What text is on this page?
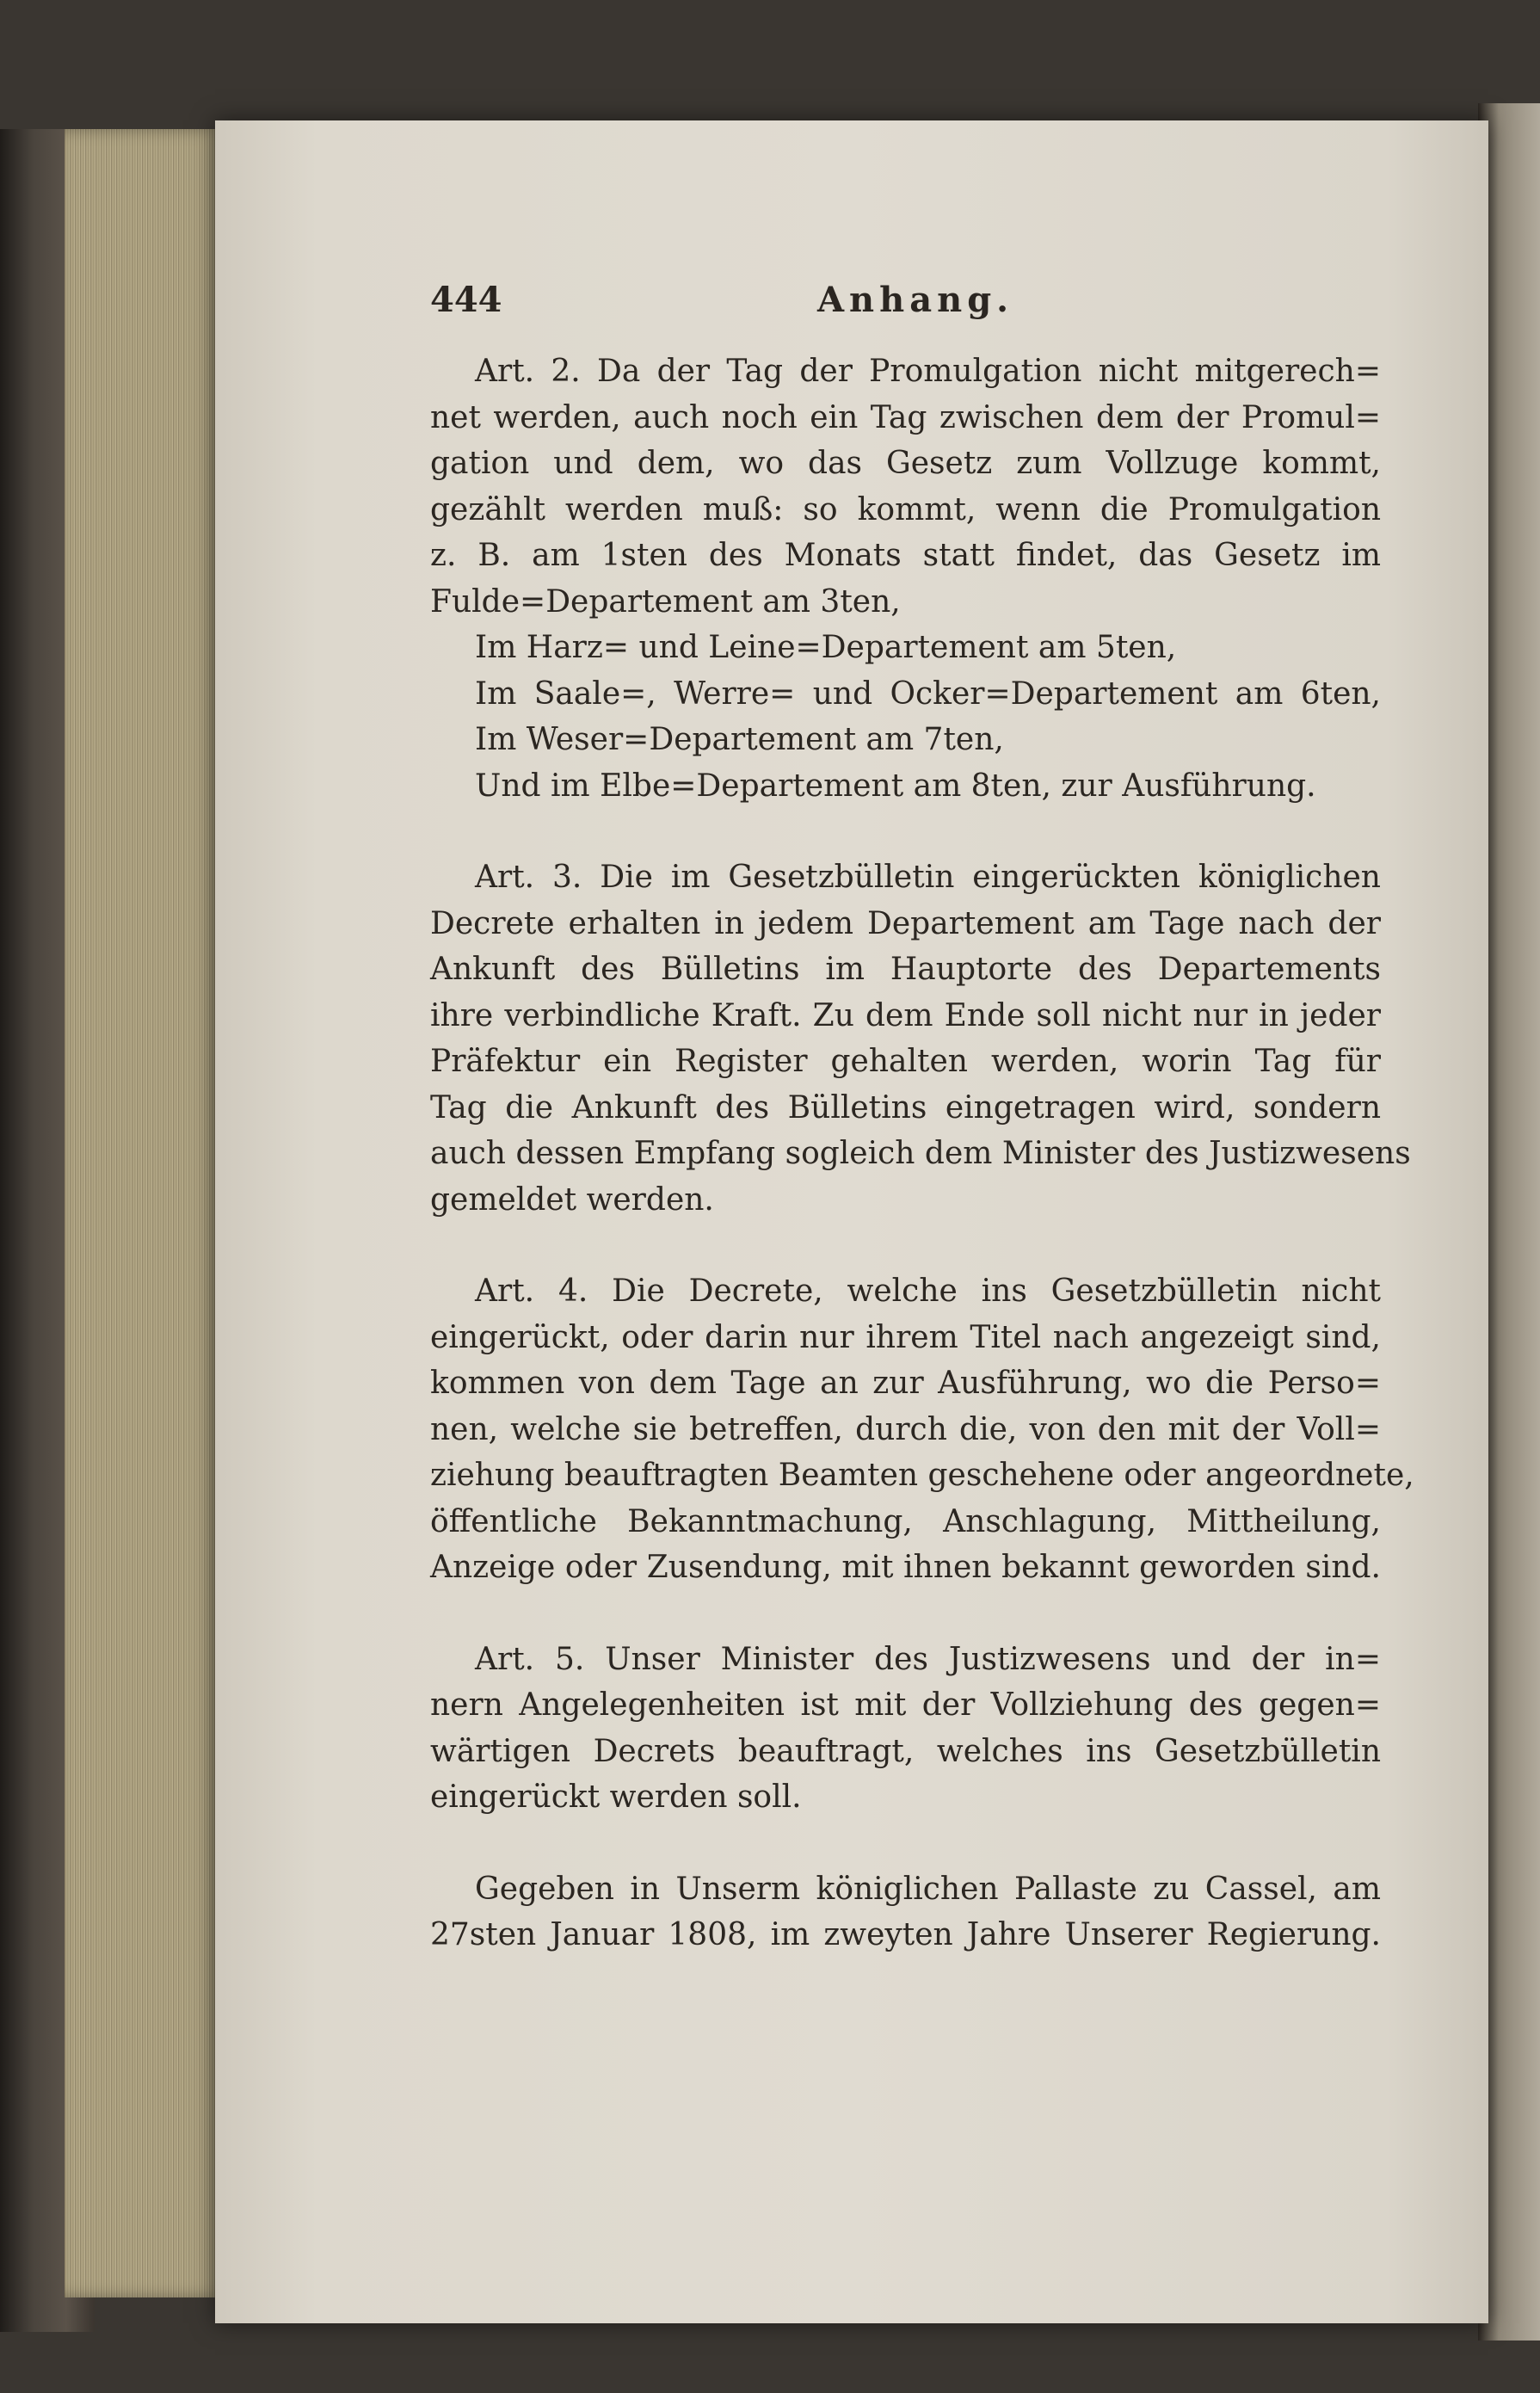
444	Anhang.
Art. 2. Da der Tag der Promulgation nicht mitgerech=
net werden, auch noch ein Tag zwischen dem der Promul=
gation und dem, wo das Gesetz zum Vollzuge kommt,
gezählt werden muß: so kommt, wenn die Promulgation
z. B. am 1sten des Monats statt findet, das Gesetz im
Fulde=Departement am 3ten,
Im Harz= und Leine=Departement am 5ten,
Im Saale=, Werre= und Ocker=Departement am 6ten,
Im Weser=Departement am 7ten,
Und im Elbe=Departement am 8ten, zur Ausführung.
Art. 3. Die im Gesetzbülletin eingerückten königlichen
Decrete erhalten in jedem Departement am Tage nach der
Ankunft des Bülletins im Hauptorte des Departements
ihre verbindliche Kraft. Zu dem Ende soll nicht nur in jeder
Präfektur ein Register gehalten werden, worin Tag für
Tag die Ankunft des Bülletins eingetragen wird, sondern
auch dessen Empfang sogleich dem Minister des Justizwesens
gemeldet werden.
Art. 4. Die Decrete, welche ins Gesetzbülletin nicht
eingerückt, oder darin nur ihrem Titel nach angezeigt sind,
kommen von dem Tage an zur Ausführung, wo die Perso=
nen, welche sie betreffen, durch die, von den mit der Voll=
ziehung beauftragten Beamten geschehene oder angeordnete,
öffentliche Bekanntmachung, Anschlagung, Mittheilung,
Anzeige oder Zusendung, mit ihnen bekannt geworden sind.
Art. 5. Unser Minister des Justizwesens und der in=
nern Angelegenheiten ist mit der Vollziehung des gegen=
wärtigen Decrets beauftragt, welches ins Gesetzbülletin
eingerückt werden soll.
Gegeben in Unserm königlichen Pallaste zu Cassel, am
27sten Januar 1808, im zweyten Jahre Unserer Regierung.
